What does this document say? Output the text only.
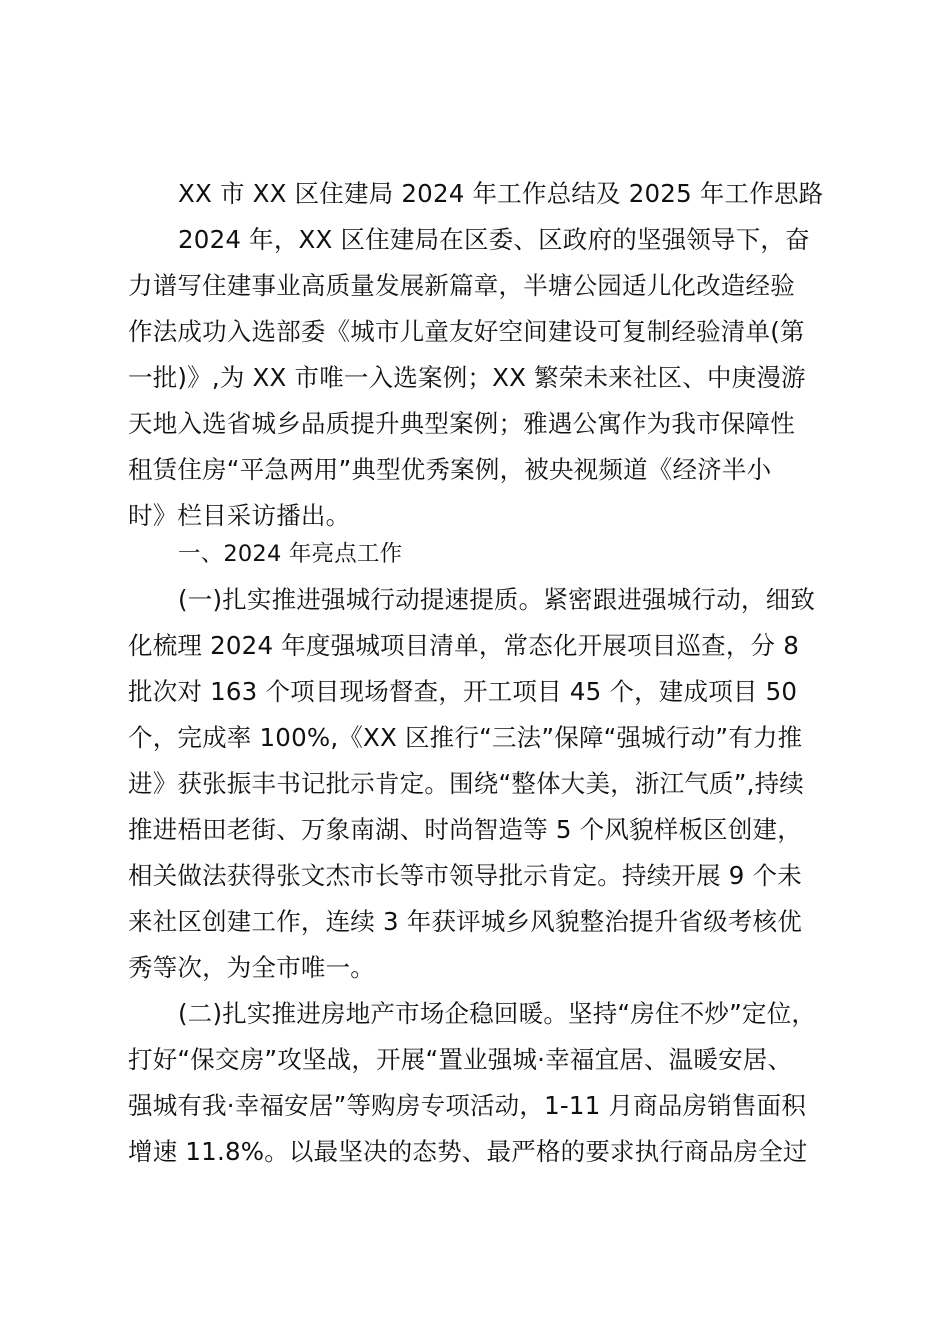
XX 市 XX 区住建局 2024 年工作总结及 2025 年工作思路
2024 年，XX 区住建局在区委、区政府的坚强领导下，奋
力谱写住建事业高质量发展新篇章，半塘公园适儿化改造经验
作法成功入选部委《城市儿童友好空间建设可复制经验清单(第
一批)》,为 XX 市唯一入选案例；XX 繁荣未来社区、中庚漫游
天地入选省城乡品质提升典型案例；雅遇公寓作为我市保障性
租赁住房“平急两用”典型优秀案例，被央视频道《经济半小
时》栏目采访播出。
一、2024 年亮点工作
(一)扎实推进强城行动提速提质。紧密跟进强城行动，细致
化梳理 2024 年度强城项目清单，常态化开展项目巡查，分 8
批次对 163 个项目现场督查，开工项目 45 个，建成项目 50
个，完成率 100%,《XX 区推行“三法”保障“强城行动”有力推
进》获张振丰书记批示肯定。围绕“整体大美，浙江气质”,持续
推进梧田老街、万象南湖、时尚智造等 5 个风貌样板区创建，
相关做法获得张文杰市长等市领导批示肯定。持续开展 9 个未
来社区创建工作，连续 3 年获评城乡风貌整治提升省级考核优
秀等次，为全市唯一。
(二)扎实推进房地产市场企稳回暖。坚持“房住不炒”定位，
打好“保交房”攻坚战，开展“置业强城·幸福宜居、温暖安居、
强城有我·幸福安居”等购房专项活动，1-11 月商品房销售面积
增速 11.8%。以最坚决的态势、最严格的要求执行商品房全过
